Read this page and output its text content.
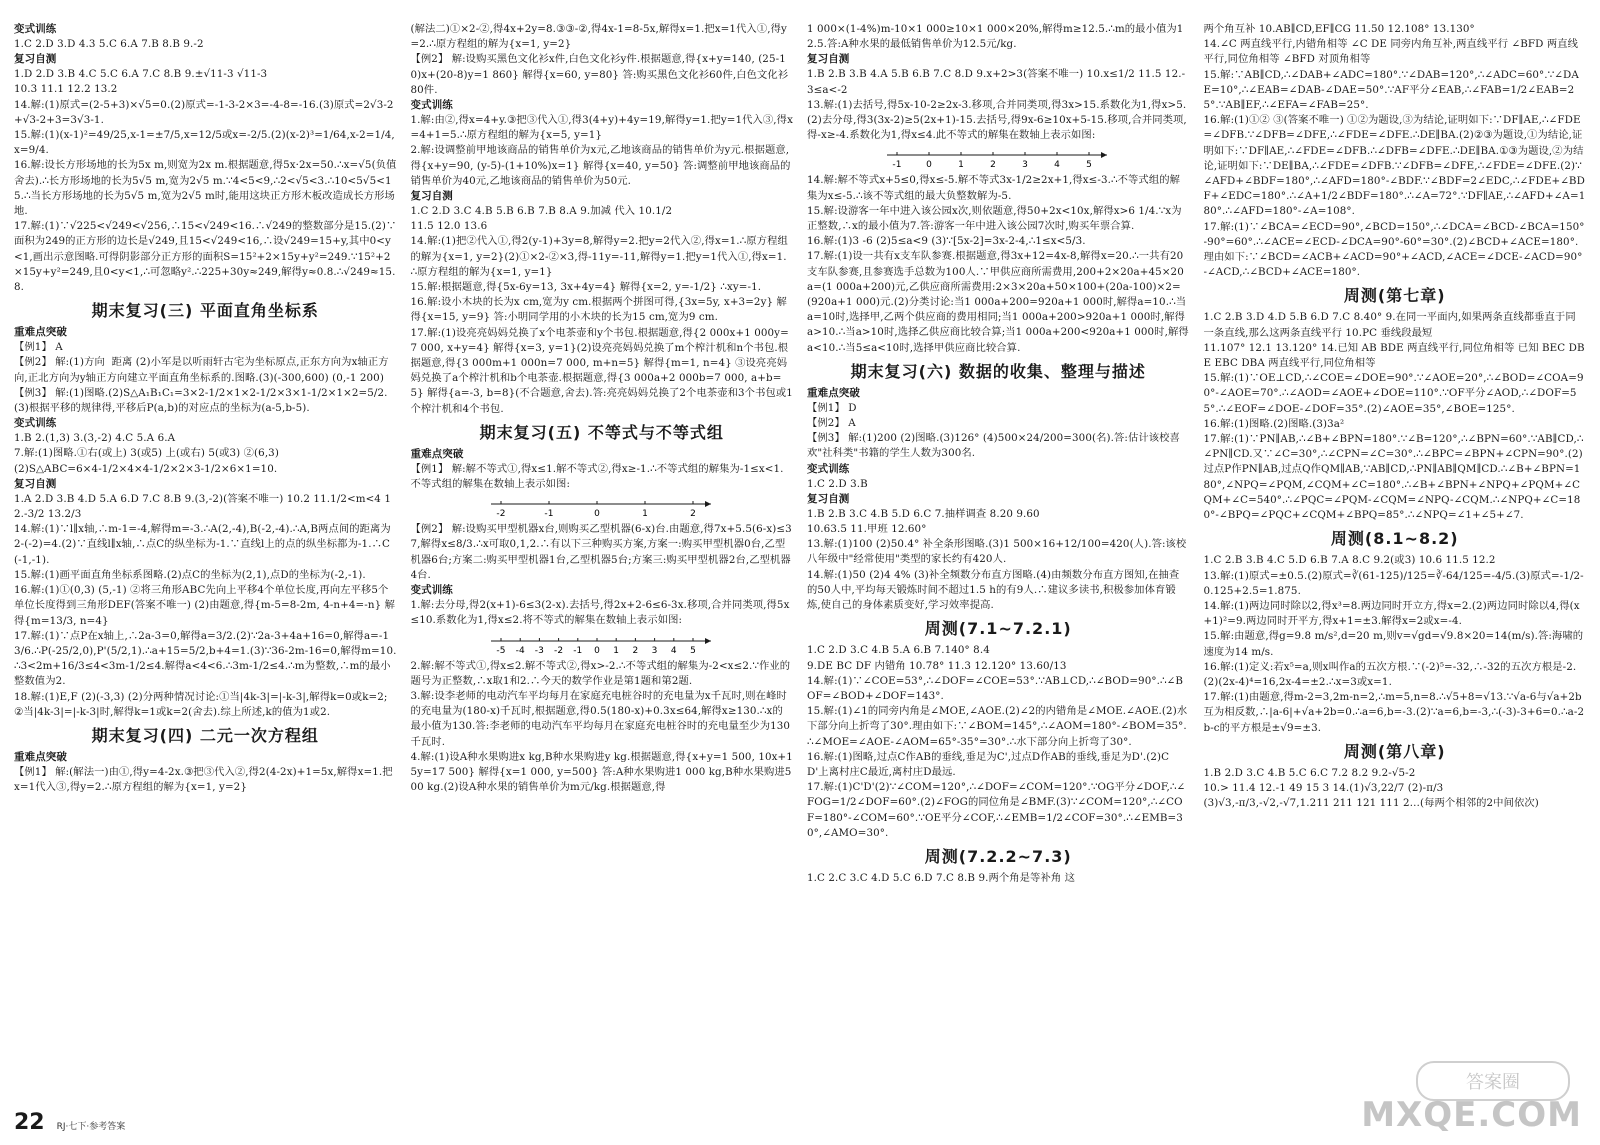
变式训练
1.C 2.D 3.D 4.3 5.C 6.A 7.B 8.B 9.-2
复习自测
1.D 2.D 3.B 4.C 5.C 6.A 7.C 8.B 9.±√11-3 √11-3
10.3 11.1 12.2 13.2
14.解:(1)原式=(2-5+3)×√5=0.(2)原式=-1-3-2×3=-4-8=-16.(3)原式=2√3-2+√3-2+3=3√3-1.
15.解:(1)(x-1)²=49/25,x-1=±7/5,x=12/5或x=-2/5.(2)(x-2)³=1/64,x-2=1/4,x=9/4.
16.解:设长方形场地的长为5x m,则宽为2x m.根据题意,得5x·2x=50.∴x=√5(负值舍去).∴长方形场地的长为5√5 m,宽为2√5 m.∵4<5<9,∴2<√5<3.∴10<5√5<15.∴当长方形场地的长为5√5 m,宽为2√5 m时,能用这块正方形木板改造成长方形场地.
17.解:(1)∵√225<√249<√256,∴15<√249<16.∴√249的整数部分是15.(2)∵面积为249的正方形的边长是√249,且15<√249<16,∴设√249=15+y,其中0<y<1,画出示意图略.可得阴影部分正方形的面积S=15²+2×15y+y²=249.∵15²+2×15y+y²=249,且0<y<1,∴可忽略y².∴225+30y≈249,解得y≈0.8.∴√249≈15.8.
期末复习(三) 平面直角坐标系
重难点突破
【例1】 A
【例2】 解:(1)方向  距离 (2)小军是以听雨轩古宅为坐标原点,正东方向为x轴正方向,正北方向为y轴正方向建立平面直角坐标系的.图略.(3)(-300,600) (0,-1 200)
【例3】 解:(1)图略.(2)S△A₁B₁C₁=3×2-1/2×1×2-1/2×3×1-1/2×1×2=5/2.(3)根据平移的规律得,平移后P(a,b)的对应点的坐标为(a-5,b-5).
变式训练
1.B 2.(1,3) 3.(3,-2) 4.C 5.A 6.A
7.解:(1)图略.①右(或上) 3(或5) 上(或右) 5(或3) ②(6,3)
(2)S△ABC=6×4-1/2×4×4-1/2×2×3-1/2×6×1=10.
复习自测
1.A 2.D 3.B 4.D 5.A 6.D 7.C 8.B 9.(3,-2)(答案不唯一) 10.2 11.1/2<m<4 12.-3/2 13.2/3
14.解:(1)∵l∥x轴,∴m-1=-4,解得m=-3.∴A(2,-4),B(-2,-4).∴A,B两点间的距离为2-(-2)=4.(2)∵直线l∥x轴,∴点C的纵坐标为-1.∵直线l上的点的纵坐标都为-1.∴C(-1,-1).
15.解:(1)画平面直角坐标系图略.(2)点C的坐标为(2,1),点D的坐标为(-2,-1).
16.解:(1)①(0,3) (5,-1) ②将三角形ABC先向上平移4个单位长度,再向左平移5个单位长度得到三角形DEF(答案不唯一) (2)由题意,得{m-5=8-2m, 4-n+4=-n} 解得{m=13/3, n=4}
17.解:(1)∵点P在x轴上,∴2a-3=0,解得a=3/2.(2)∵2a-3+4a+16=0,解得a=-13/6.∴P(-25/2,0),P'(5/2,1).∴a+15=5/2,b+4=1.(3)∵36-2m-16=0,解得m=10.∴3<2m+16/3≤4<3m-1/2≤4.解得a<4<6.∴3m-1/2≤4.∴m为整数,∴m的最小整数值为2.
18.解:(1)E,F (2)(-3,3) (2)分两种情况讨论:①当|4k-3|=|-k-3|,解得k=0或k=2;②当|4k-3|=|-k-3|时,解得k=1或k=2(舍去).综上所述,k的值为1或2.
期末复习(四) 二元一次方程组
重难点突破
【例1】 解:(解法一)由①,得y=4-2x.③把③代入②,得2(4-2x)+1=5x,解得x=1.把x=1代入③,得y=2.∴原方程组的解为{x=1, y=2}
(解法二)①×2-②,得4x+2y=8.③③-②,得4x-1=8-5x,解得x=1.把x=1代入①,得y=2.∴原方程组的解为{x=1, y=2}
【例2】 解:设购买黑色文化衫x件,白色文化衫y件.根据题意,得{x+y=140, (25-10)x+(20-8)y=1 860} 解得{x=60, y=80} 答:购买黑色文化衫60件,白色文化衫80件.
变式训练
1.解:由②,得x=4+y.③把③代入①,得3(4+y)+4y=19,解得y=1.把y=1代入③,得x=4+1=5.∴原方程组的解为{x=5, y=1}
2.解:设调整前甲地该商品的销售单价为x元,乙地该商品的销售单价为y元.根据题意,得{x+y=90, (y-5)-(1+10%)x=1} 解得{x=40, y=50} 答:调整前甲地该商品的销售单价为40元,乙地该商品的销售单价为50元.
复习自测
1.C 2.D 3.C 4.B 5.B 6.B 7.B 8.A 9.加减 代入 10.1/2
11.5 12.0 13.6
14.解:(1)把②代入①,得2(y-1)+3y=8,解得y=2.把y=2代入②,得x=1.∴原方程组的解为{x=1, y=2}(2)①×2-②×3,得-11y=-11,解得y=1.把y=1代入①,得x=1.∴原方程组的解为{x=1, y=1}
15.解:根据题意,得{5x-6y=13, 3x+4y=4} 解得{x=2, y=-1/2} ∴xy=-1.
16.解:设小木块的长为x cm,宽为y cm.根据两个拼图可得,{3x=5y, x+3=2y} 解得{x=15, y=9} 答:小明同学用的小木块的长为15 cm,宽为9 cm.
17.解:(1)设亮亮妈妈兑换了x个电茶壶和y个书包.根据题意,得{2 000x+1 000y=7 000, x+y=4} 解得{x=3, y=1}(2)设亮亮妈妈兑换了m个榨汁机和n个书包.根据题意,得{3 000m+1 000n=7 000, m+n=5} 解得{m=1, n=4} ③设亮亮妈妈兑换了a个榨汁机和b个电茶壶.根据题意,得{3 000a+2 000b=7 000, a+b=5} 解得{a=-3, b=8}(不合题意,舍去).答:亮亮妈妈兑换了2个电茶壶和3个书包或1个榨汁机和4个书包.
期末复习(五) 不等式与不等式组
重难点突破
【例1】 解:解不等式①,得x≤1.解不等式②,得x≥-1.∴不等式组的解集为-1≤x<1.不等式组的解集在数轴上表示如图:
-2	-1	0	1	2
【例2】 解:设购买甲型机器x台,则购买乙型机器(6-x)台.由题意,得7x+5.5(6-x)≤37,解得x≤8/3.∴x可取0,1,2.∴有以下三种购买方案,方案一:购买甲型机器0台,乙型机器6台;方案二:购买甲型机器1台,乙型机器5台;方案三:购买甲型机器2台,乙型机器4台.
变式训练
1.解:去分母,得2(x+1)-6≤3(2-x).去括号,得2x+2-6≤6-3x.移项,合并同类项,得5x≤10.系数化为1,得x≤2.将不等式的解集在数轴上表示如图:
-5 -4 -3 -2 -1 0 1 2 3 4 5
2.解:解不等式①,得x≤2.解不等式②,得x>-2.∴不等式组的解集为-2<x≤2.∵作业的题号为正整数,∴x取1和2.∴今天的数学作业是第1题和第2题.
3.解:设李老师的电动汽车平均每月在家庭充电桩谷时的充电量为x千瓦时,则在峰时的充电量为(180-x)千瓦时,根据题意,得0.5(180-x)+0.3x≤64,解得x≥130.∴x的最小值为130.答:李老师的电动汽车平均每月在家庭充电桩谷时的充电量至少为130千瓦时.
4.解:(1)设A种水果购进x kg,B种水果购进y kg.根据题意,得{x+y=1 500, 10x+15y=17 500} 解得{x=1 000, y=500} 答:A种水果购进1 000 kg,B种水果购进500 kg.(2)设A种水果的销售单价为m元/kg.根据题意,得
1 000×(1-4%)m-10×1 000≥10×1 000×20%,解得m≥12.5.∴m的最小值为12.5.答:A种水果的最低销售单价为12.5元/kg.
复习自测
1.B 2.B 3.B 4.A 5.B 6.B 7.C 8.D 9.x+2>3(答案不唯一) 10.x≤1/2 11.5 12.-3≤a<-2
13.解:(1)去括号,得5x-10-2≥2x-3.移项,合并同类项,得3x>15.系数化为1,得x>5.(2)去分母,得3(3x-2)≥5(2x+1)-15.去括号,得9x-6≥10x+5-15.移项,合并同类项,得-x≥-4.系数化为1,得x≤4.此不等式的解集在数轴上表示如图:
-1	0	1	2	3	4	5
14.解:解不等式x+5≤0,得x≤-5.解不等式3x-1/2≥2x+1,得x≤-3.∴不等式组的解集为x≤-5.∴该不等式组的最大负整数解为-5.
15.解:设游客一年中进入该公园x次,则依题意,得50+2x<10x,解得x>6 1/4.∵x为正整数,∴x的最小值为7.答:游客一年中进入该公园7次时,购买年票合算.
16.解:(1)3 -6 (2)5≤a<9 (3)∵[5x-2]=3x-2-4,∴1≤x<5/3.
17.解:(1)设一共有x支车队参赛.根据题意,得3x+12=4x-8,解得x=20.∴一共有20支车队参赛,且参赛选手总数为100人.∵甲供应商所需费用,200+2×20a+45×20a=(1 000a+200)元,乙供应商所需费用:2×3×20a+50×100+(20a-100)×2=(920a+1 000)元.(2)分类讨论:当1 000a+200=920a+1 000时,解得a=10.∴当a=10时,选择甲,乙两个供应商的费用相同;当1 000a+200>920a+1 000时,解得a>10.∴当a>10时,选择乙供应商比较合算;当1 000a+200<920a+1 000时,解得a<10.∴当5≤a<10时,选择甲供应商比较合算.
期末复习(六) 数据的收集、整理与描述
重难点突破
【例1】 D
【例2】 A
【例3】 解:(1)200 (2)图略.(3)126° (4)500×24/200=300(名).答:估计该校喜欢"社科类"书籍的学生人数为300名.
变式训练
1.C 2.D 3.B
复习自测
1.B 2.B 3.C 4.B 5.D 6.C 7.抽样调查 8.20 9.60
10.63.5 11.甲班 12.60°
13.解:(1)100 (2)50.4° 补全条形图略.(3)1 500×16+12/100=420(人).答:该校八年级中"经常使用"类型的家长约有420人.
14.解:(1)50 (2)4 4% (3)补全频数分布直方图略.(4)由频数分布直方图知,在抽查的50人中,平均每天锻炼时间不超过1.5 h的有9人.∴建议多读书,积极参加体育锻炼,使自己的身体素质变好,学习效率提高.
周测(7.1~7.2.1)
1.C 2.D 3.C 4.B 5.A 6.B 7.140° 8.4
9.DE BC DF 内错角 10.78° 11.3 12.120° 13.60/13
14.解:(1)∵∠COE=53°,∴∠DOF=∠COE=53°.∵AB⊥CD,∴∠BOD=90°.∴∠BOF=∠BOD+∠DOF=143°.
15.解:(1)∠1的同旁内角是∠MOE,∠AOE.(2)∠2的内错角是∠MOE.∠AOE.(2)水下部分向上折弯了30°.理由如下:∵∠BOM=145°,∴∠AOM=180°-∠BOM=35°.∴∠MOE=∠AOE-∠AOM=65°-35°=30°.∴水下部分向上折弯了30°.
16.解:(1)图略,过点C作AB的垂线,垂足为C',过点D作AB的垂线,垂足为D'.(2)CD'上离村庄C最近,离村庄D最远.
17.解:(1)C'D'(2)∵∠COM=120°,∴∠DOF=∠COM=120°.∵OG平分∠DOF,∴∠FOG=1/2∠DOF=60°.(2)∠FOG的同位角是∠BMF.(3)∵∠COM=120°,∴∠COF=180°-∠COM=60°.∵OE平分∠COF,∴∠EMB=1/2∠COF=30°.∴∠EMB=30°,∠AMO=30°.
周测(7.2.2~7.3)
1.C 2.C 3.C 4.D 5.C 6.D 7.C 8.B 9.两个角是等补角 这
两个角互补 10.AB∥CD,EF∥CG 11.50 12.108° 13.130°
14.∠C 两直线平行,内错角相等 ∠C DE 同旁内角互补,两直线平行 ∠BFD 两直线平行,同位角相等 ∠BFD 对顶角相等
15.解:∵AB∥CD,∴∠DAB+∠ADC=180°.∵∠DAB=120°,∴∠ADC=60°.∵∠DAE=10°,∴∠EAB=∠DAB-∠DAE=50°.∵AF平分∠EAB,∴∠FAB=1/2∠EAB=25°.∵AB∥EF,∴∠EFA=∠FAB=25°.
16.解:(1)①② ③(答案不唯一) ①②为题设,③为结论,证明如下:∵DF∥AE,∴∠FDE=∠DFB.∵∠DFB=∠DFE,∴∠FDE=∠DFE.∴DE∥BA.(2)②③为题设,①为结论,证明如下:∵DF∥AE,∴∠FDE=∠DFB.∴∠DFB=∠DFE.∴DE∥BA.①③为题设,②为结论,证明如下:∵DE∥BA,∴∠FDE=∠DFB.∵∠DFB=∠DFE,∴∠FDE=∠DFE.(2)∵∠AFD+∠BDF=180°,∴∠AFD=180°-∠BDF.∵∠BDF=2∠EDC,∴∠FDE+∠BDF+∠EDC=180°.∴∠A+1/2∠BDF=180°.∴∠A=72°.∵DF∥AE,∴∠AFD+∠A=180°.∴∠AFD=180°-∠A=108°.
17.解:(1)∵∠BCA=∠ECD=90°,∠BCD=150°,∴∠DCA=∠BCD-∠BCA=150°-90°=60°.∴∠ACE=∠ECD-∠DCA=90°-60°=30°.(2)∠BCD+∠ACE=180°.理由如下:∵∠BCD=∠ACB+∠ACD=90°+∠ACD,∠ACE=∠DCE-∠ACD=90°-∠ACD,∴∠BCD+∠ACE=180°.
周测(第七章)
1.C 2.B 3.D 4.D 5.B 6.D 7.C 8.40° 9.在同一平面内,如果两条直线都垂直于同一条直线,那么这两条直线平行 10.PC 垂线段最短
11.107° 12.1 13.120° 14.已知 AB BDE 两直线平行,同位角相等 已知 BEC DBE EBC DBA 两直线平行,同位角相等
15.解:(1)∵OE⊥CD,∴∠COE=∠DOE=90°.∵∠AOE=20°,∴∠BOD=∠COA=90°-∠AOE=70°.∴∠AOD=∠AOE+∠DOE=110°.∵OF平分∠AOD,∴∠DOF=55°.∴∠EOF=∠DOE-∠DOF=35°.(2)∠AOE=35°,∠BOE=125°.
16.解:(1)图略.(2)图略.(3)3a²
17.解:(1)∵PN∥AB,∴∠B+∠BPN=180°.∵∠B=120°,∴∠BPN=60°.∵AB∥CD,∴∠PN∥CD.又∵∠C=30°,∴∠CPN=∠C=30°.∴∠BPC=∠BPN+∠CPN=90°.(2)过点P作PN∥AB,过点Q作QM∥AB,∵AB∥CD,∴PN∥AB∥QM∥CD.∴∠B+∠BPN=180°,∠NPQ=∠PQM,∠CQM+∠C=180°.∴∠B+∠BPN+∠NPQ+∠PQM+∠CQM+∠C=540°.∴∠PQC=∠PQM-∠CQM=∠NPQ-∠CQM.∴∠NPQ+∠C=180°-∠BPQ=∠PQC+∠CQM+∠BPQ=85°.∴∠NPQ=∠1+∠5+∠7.
周测(8.1~8.2)
1.C 2.B 3.B 4.C 5.D 6.B 7.A 8.C 9.2(或3) 10.6 11.5 12.2
13.解:(1)原式=±0.5.(2)原式=∛(61-125)/125=∛-64/125=-4/5.(3)原式=-1/2-0.125+2.5=1.875.
14.解:(1)两边同时除以2,得x³=8.两边同时开立方,得x=2.(2)两边同时除以4,得(x+1)²=9.两边同时开平方,得x+1=±3.解得x=2或x=-4.
15.解:由题意,得g=9.8 m/s²,d=20 m,则v=√gd=√9.8×20=14(m/s).答:海啸的速度为14 m/s.
16.解:(1)定义:若x⁵=a,则x叫作a的五次方根.∵(-2)⁵=-32,∴-32的五次方根是-2.(2)(2x-4)⁴=16,2x-4=±2.∴x=3或x=1.
17.解:(1)由题意,得m-2=3,2m-n=2,∴m=5,n=8.∴√5+8=√13.∵√a-6与√a+2b互为相反数,∴|a-6|+√a+2b=0.∴a=6,b=-3.(2)∵a=6,b=-3,∴(-3)-3+6=0.∴a-2b-c的平方根是±√9=±3.
周测(第八章)
1.B 2.D 3.C 4.B 5.C 6.C 7.2 8.2 9.2-√5-2
10.> 11.4 12.-1 49 15 3 14.(1)√3,22/7 (2)-π/3
(3)√3,-π/3,-√2,-√7,1.211 211 121 111 2…(每两个相邻的2中间依次)
22 RJ·七下·参考答案
答案圈
MXQE.COM
